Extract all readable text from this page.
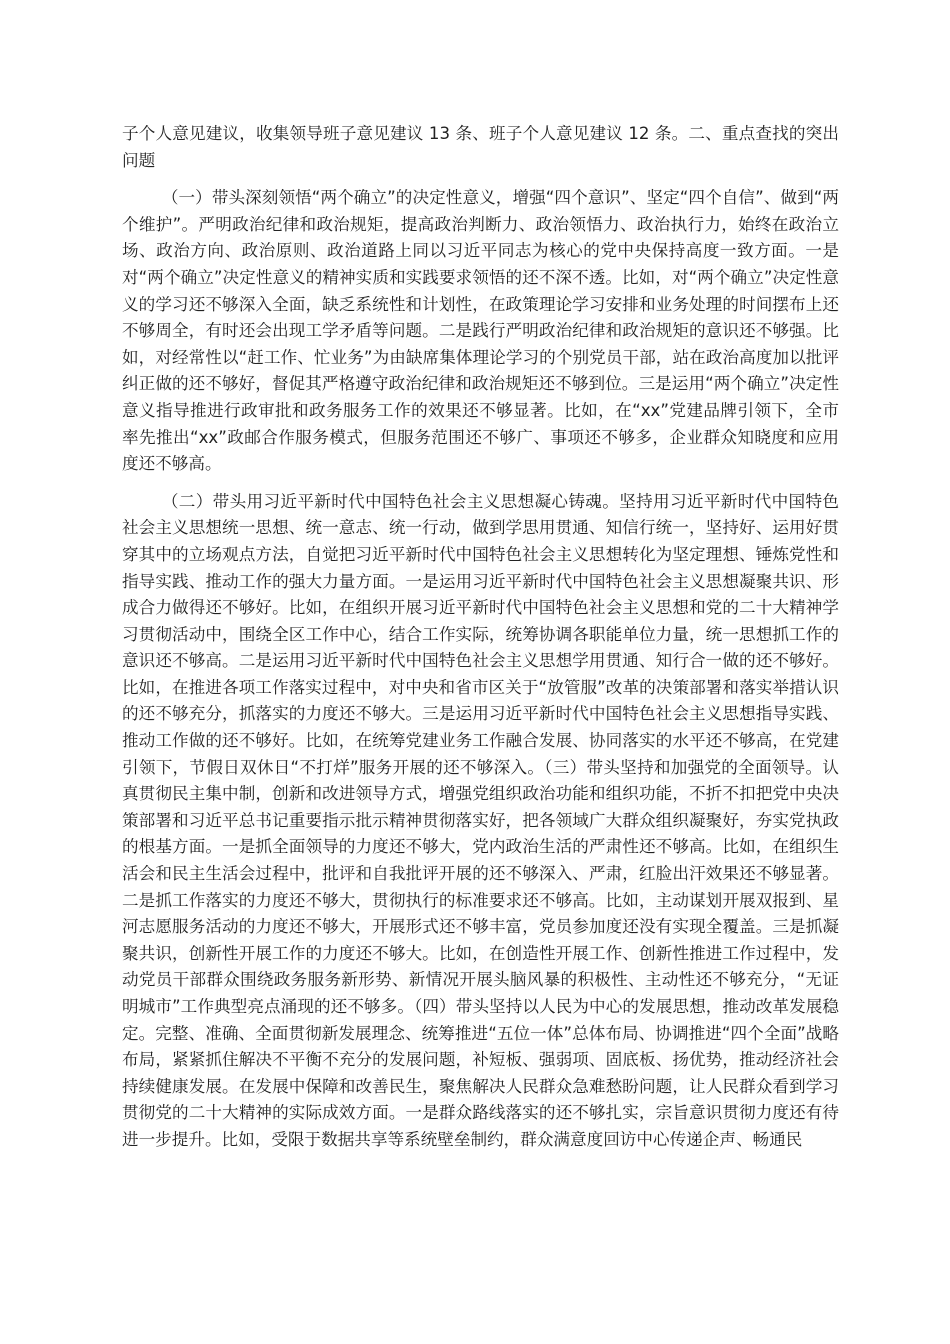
子个人意见建议，收集领导班子意见建议 13 条、班子个人意见建议 12 条。二、重点查找的突出问题

（一）带头深刻领悟“两个确立”的决定性意义，增强“四个意识”、坚定“四个自信”、做到“两个维护”。严明政治纪律和政治规矩，提高政治判断力、政治领悟力、政治执行力，始终在政治立场、政治方向、政治原则、政治道路上同以习近平同志为核心的党中央保持高度一致方面。一是对“两个确立”决定性意义的精神实质和实践要求领悟的还不深不透。比如，对“两个确立”决定性意义的学习还不够深入全面，缺乏系统性和计划性，在政策理论学习安排和业务处理的时间摆布上还不够周全，有时还会出现工学矛盾等问题。二是践行严明政治纪律和政治规矩的意识还不够强。比如，对经常性以“赶工作、忙业务”为由缺席集体理论学习的个别党员干部，站在政治高度加以批评纠正做的还不够好，督促其严格遵守政治纪律和政治规矩还不够到位。三是运用“两个确立”决定性意义指导推进行政审批和政务服务工作的效果还不够显著。比如，在“xx”党建品牌引领下，全市率先推出“xx”政邮合作服务模式，但服务范围还不够广、事项还不够多，企业群众知晓度和应用度还不够高。

（二）带头用习近平新时代中国特色社会主义思想凝心铸魂。坚持用习近平新时代中国特色社会主义思想统一思想、统一意志、统一行动，做到学思用贯通、知信行统一，坚持好、运用好贯穿其中的立场观点方法，自觉把习近平新时代中国特色社会主义思想转化为坚定理想、锤炼党性和指导实践、推动工作的强大力量方面。一是运用习近平新时代中国特色社会主义思想凝聚共识、形成合力做得还不够好。比如，在组织开展习近平新时代中国特色社会主义思想和党的二十大精神学习贯彻活动中，围绕全区工作中心，结合工作实际，统筹协调各职能单位力量，统一思想抓工作的意识还不够高。二是运用习近平新时代中国特色社会主义思想学用贯通、知行合一做的还不够好。比如，在推进各项工作落实过程中，对中央和省市区关于“放管服”改革的决策部署和落实举措认识的还不够充分，抓落实的力度还不够大。三是运用习近平新时代中国特色社会主义思想指导实践、推动工作做的还不够好。比如，在统筹党建业务工作融合发展、协同落实的水平还不够高，在党建引领下，节假日双休日“不打烊”服务开展的还不够深入。（三）带头坚持和加强党的全面领导。认真贯彻民主集中制，创新和改进领导方式，增强党组织政治功能和组织功能，不折不扣把党中央决策部署和习近平总书记重要指示批示精神贯彻落实好，把各领域广大群众组织凝聚好，夯实党执政的根基方面。一是抓全面领导的力度还不够大，党内政治生活的严肃性还不够高。比如，在组织生活会和民主生活会过程中，批评和自我批评开展的还不够深入、严肃，红脸出汗效果还不够显著。二是抓工作落实的力度还不够大，贯彻执行的标准要求还不够高。比如，主动谋划开展双报到、星河志愿服务活动的力度还不够大，开展形式还不够丰富，党员参加度还没有实现全覆盖。三是抓凝聚共识，创新性开展工作的力度还不够大。比如，在创造性开展工作、创新性推进工作过程中，发动党员干部群众围绕政务服务新形势、新情况开展头脑风暴的积极性、主动性还不够充分，“无证明城市”工作典型亮点涌现的还不够多。（四）带头坚持以人民为中心的发展思想，推动改革发展稳定。完整、准确、全面贯彻新发展理念、统筹推进“五位一体”总体布局、协调推进“四个全面”战略布局，紧紧抓住解决不平衡不充分的发展问题，补短板、强弱项、固底板、扬优势，推动经济社会持续健康发展。在发展中保障和改善民生，聚焦解决人民群众急难愁盼问题，让人民群众看到学习贯彻党的二十大精神的实际成效方面。一是群众路线落实的还不够扎实，宗旨意识贯彻力度还有待进一步提升。比如，受限于数据共享等系统壁垒制约，群众满意度回访中心传递企声、畅通民
